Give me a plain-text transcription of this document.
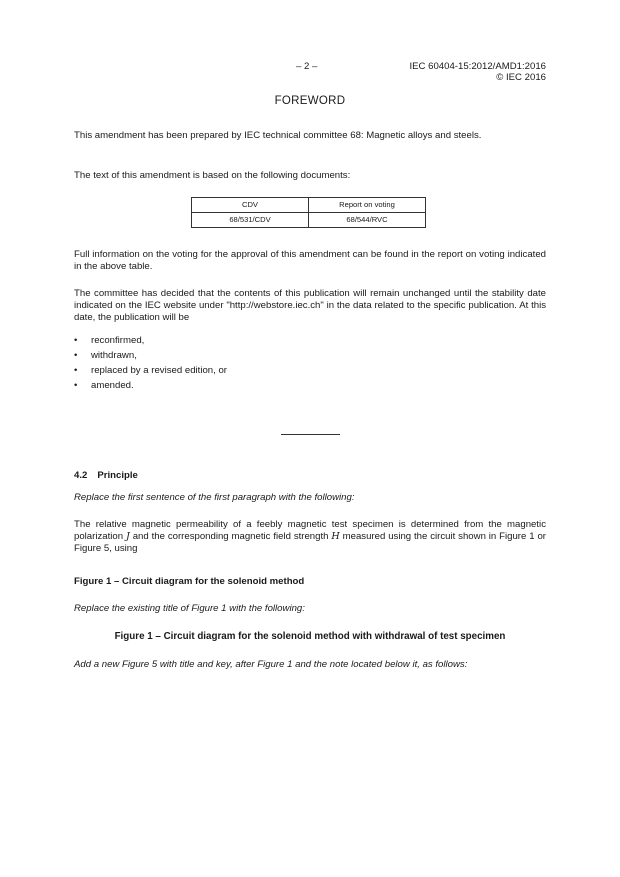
– 2 –	IEC 60404-15:2012/AMD1:2016
© IEC 2016
FOREWORD

This amendment has been prepared by IEC technical committee 68: Magnetic alloys and steels.

The text of this amendment is based on the following documents:

CDV	Report on voting
68/531/CDV	68/544/RVC

Full information on the voting for the approval of this amendment can be found in the report on voting indicated in the above table.

The committee has decided that the contents of this publication will remain unchanged until the stability date indicated on the IEC website under "http://webstore.iec.ch" in the data related to the specific publication. At this date, the publication will be

• reconfirmed,
• withdrawn,
• replaced by a revised edition, or
• amended.
4.2 Principle

Replace the first sentence of the first paragraph with the following:

The relative magnetic permeability of a feebly magnetic test specimen is determined from the magnetic polarization J and the corresponding magnetic field strength H measured using the circuit shown in Figure 1 or Figure 5, using

Figure 1 – Circuit diagram for the solenoid method

Replace the existing title of Figure 1 with the following:

Figure 1 – Circuit diagram for the solenoid method with withdrawal of test specimen

Add a new Figure 5 with title and key, after Figure 1 and the note located below it, as follows:
